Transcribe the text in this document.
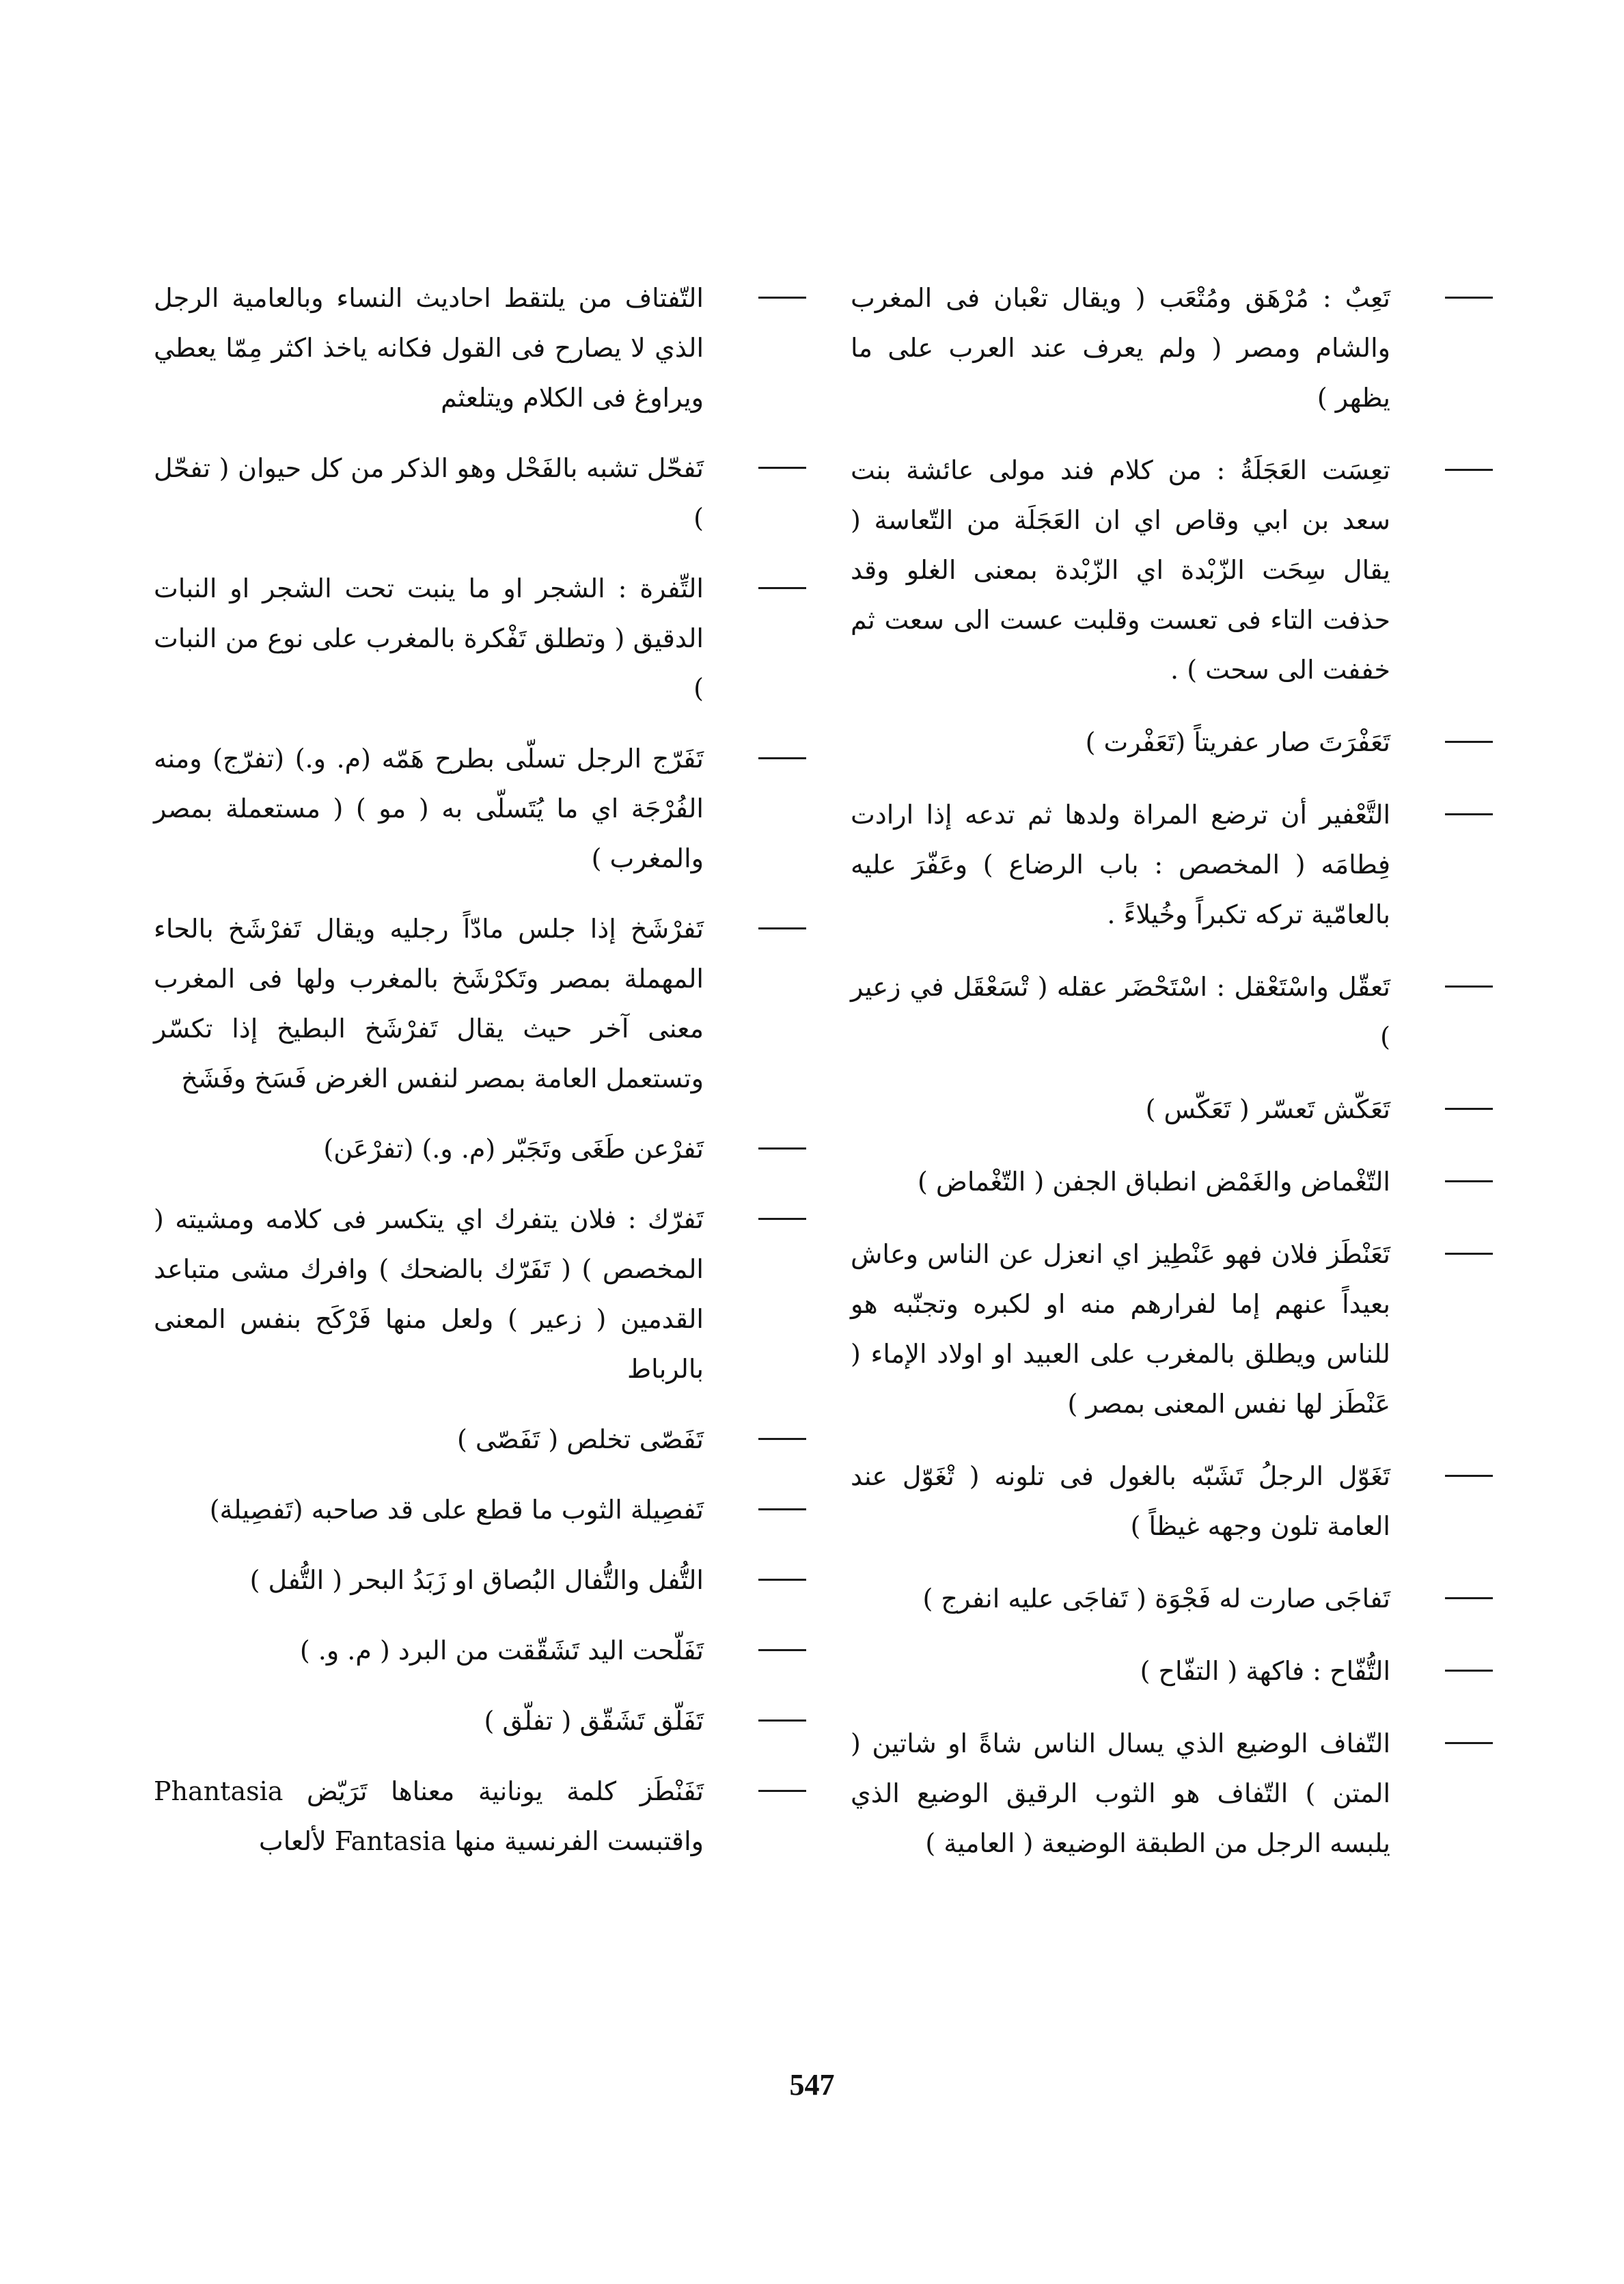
تَعِبٌ : مُرْهَق ومُتْعَب ( ويقال تعْبان فى المغرب والشام ومصر ( ولم يعرف عند العرب على ما يظهر )
تعِسَت العَجَلَةُ : من كلام فند مولى عائشة بنت سعد بن ابي وقاص اي ان العَجَلَة من التّعاسة ( يقال سِحَت الزّبْدة اي الزّبْدة بمعنى الغلو وقد حذفت التاء فى تعست وقلبت عست الى سعت ثم خففت الى سحت ) .
تَعَفْرَتَ صار عفريتاً (تَعَفْرت )
التَّعْفير أن ترضع المراة ولدها ثم تدعه إذا ارادت فِطامَه ( المخصص : باب الرضاع ) وعَفّرَ عليه بالعامّية تركه تكبراً وخُيلاءً .
تَعقّل واسْتَعْقل : اسْتَحْضَر عقله ( تْسَعْقَل في زعير )
تَعَكّش تَعسّر ( تَعَكّس )
التّغْماض والغَمْض انطباق الجفن ( التّغْماض )
تَعَنْطَز فلان فهو عَنْطِيز اي انعزل عن الناس وعاش بعيداً عنهم إما لفرارهم منه او لكبره وتجنّبه هو للناس ويطلق بالمغرب على العبيد او اولاد الإماء ( عَنْطَز لها نفس المعنى بمصر )
تَغَوّل الرجلُ تَشَبّه بالغول فى تلونه ( تْغَوّل عند العامة تلون وجهه غيظاً )
تَفاجَى صارت له فَجْوَة ( تَفاجَى عليه انفرج )
التُّفّاح : فاكهة ( التفّاح )
التّفاف الوضيع الذي يسال الناس شاةً او شاتين ( المتن ) التّفاف هو الثوب الرقيق الوضيع الذي يلبسه الرجل من الطبقة الوضيعة ( العامية )
التّفتاف من يلتقط احاديث النساء وبالعامية الرجل الذي لا يصارح فى القول فكانه ياخذ اكثر مِمّا يعطي ويراوغ فى الكلام ويتلعثم
تَفحّل تشبه بالفَحْل وهو الذكر من كل حيوان ( تفحّل )
التِّفرة : الشجر او ما ينبت تحت الشجر او النبات الدقيق ( وتطلق تَفْكرة بالمغرب على نوع من النبات )
تَفَرّج الرجل تسلّى بطرح هَمّه (م. و.) (تفرّج) ومنه الفُرْجَة اي ما يُتَسلّى به ( مو ) ( مستعملة بمصر والمغرب )
تَفرْشَخ إذا جلس مادّاً رجليه ويقال تَفرْشَخ بالحاء المهملة بمصر وتَكرْشَخ بالمغرب ولها فى المغرب معنى آخر حيث يقال تَفرْشَخ البطيخ إذا تكسّر وتستعمل العامة بمصر لنفس الغرض فَسَخ وفَشَخ
تَفرْعن طَغَى وتَجَبّر (م. و.) (تفرْعَن)
تَفرّك : فلان يتفرك اي يتكسر فى كلامه ومشيته ( المخصص ) ( تَفَرّك بالضحك ) وافرك مشى متباعد القدمين ( زعير ) ولعل منها فَرْكَح بنفس المعنى بالرباط
تَفَصّى تخلص ( تَفَصّى )
تَفصِيلة الثوب ما قطع على قد صاحبه (تَفصِيلة)
التُّفل والتُّفال البُصاق او زَبَدُ البحر ( التُّفل )
تَفَلّحت اليد تَشَقّقت من البرد ( م. و. )
تَفَلّق تَشَقّق ( تفلّق )
تَفَنْطَز كلمة يونانية معناها تَرَيّض Phantasia واقتبست الفرنسية منها Fantasia لألعاب
547
